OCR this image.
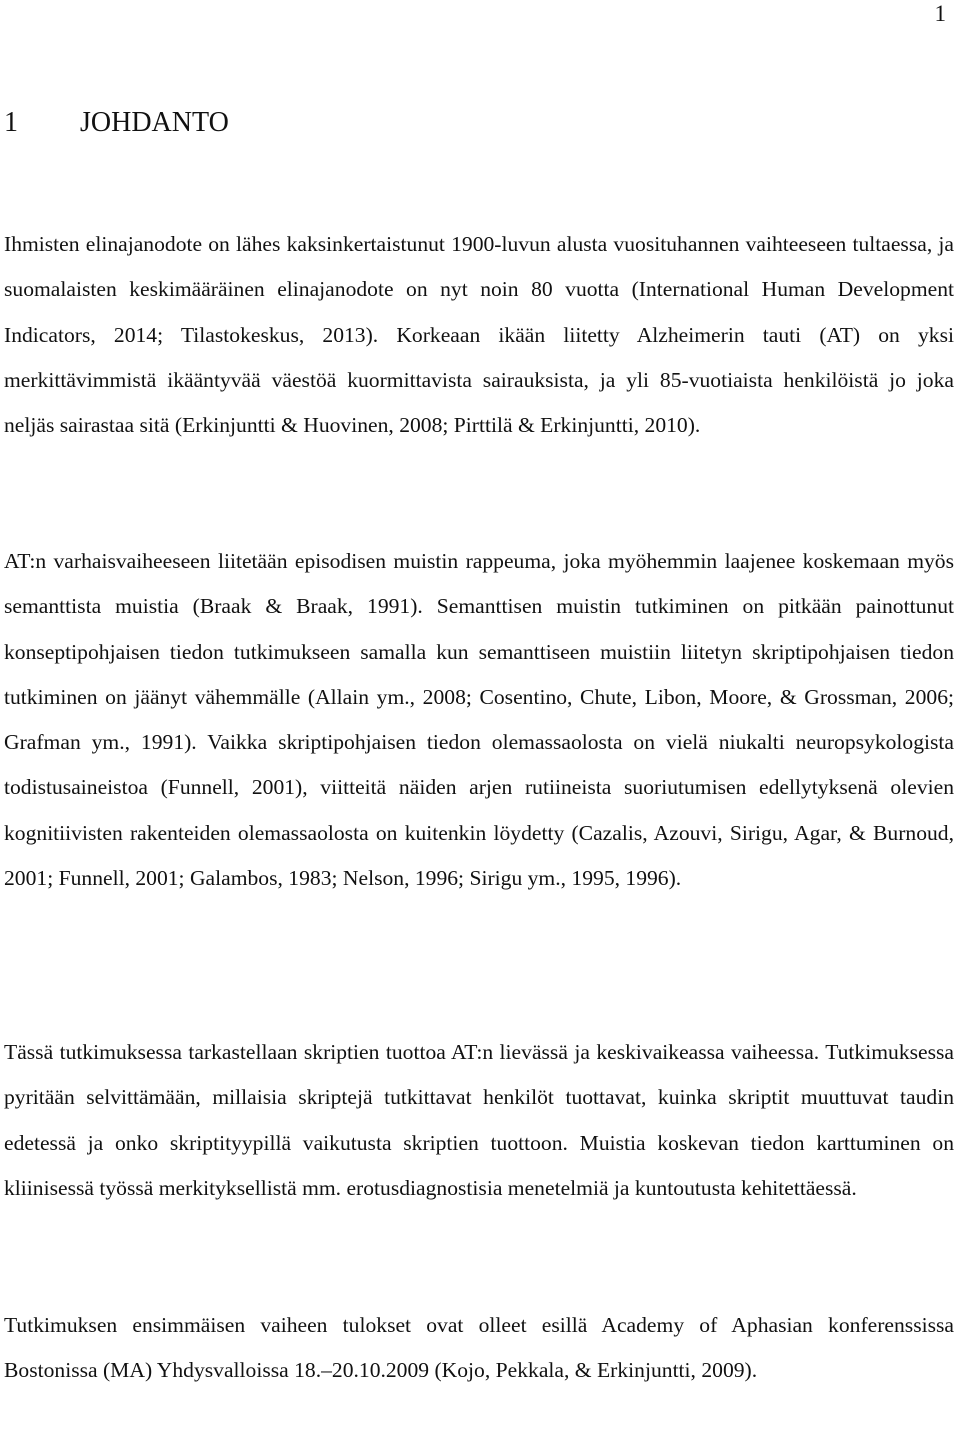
1
1 JOHDANTO

Ihmisten elinajanodote on lähes kaksinkertaistunut 1900-luvun alusta vuosituhannen vaihteeseen tultaessa, ja suomalaisten keskimääräinen elinajanodote on nyt noin 80 vuotta (International Human Development Indicators, 2014; Tilastokeskus, 2013). Korkeaan ikään liitetty Alzheimerin tauti (AT) on yksi merkittävimmistä ikääntyvää väestöä kuormittavista sairauksista, ja yli 85-vuotiaista henkilöistä jo joka neljäs sairastaa sitä (Erkinjuntti & Huovinen, 2008; Pirttilä & Erkinjuntti, 2010).

AT:n varhaisvaiheeseen liitetään episodisen muistin rappeuma, joka myöhemmin laajenee koskemaan myös semanttista muistia (Braak & Braak, 1991). Semanttisen muistin tutkiminen on pitkään painottunut konseptipohjaisen tiedon tutkimukseen samalla kun semanttiseen muistiin liitetyn skriptipohjaisen tiedon tutkiminen on jäänyt vähemmälle (Allain ym., 2008; Cosentino, Chute, Libon, Moore, & Grossman, 2006; Grafman ym., 1991). Vaikka skriptipohjaisen tiedon olemassaolosta on vielä niukalti neuropsykologista todistusaineistoa (Funnell, 2001), viitteitä näiden arjen rutiineista suoriutumisen edellytyksenä olevien kognitiivisten rakenteiden olemassaolosta on kuitenkin löydetty (Cazalis, Azouvi, Sirigu, Agar, & Burnoud, 2001; Funnell, 2001; Galambos, 1983; Nelson, 1996; Sirigu ym., 1995, 1996).

Tässä tutkimuksessa tarkastellaan skriptien tuottoa AT:n lievässä ja keskivaikeassa vaiheessa. Tutkimuksessa pyritään selvittämään, millaisia skriptejä tutkittavat henkilöt tuottavat, kuinka skriptit muuttuvat taudin edetessä ja onko skriptityypillä vaikutusta skriptien tuottoon. Muistia koskevan tiedon karttuminen on kliinisessä työssä merkityksellistä mm. erotusdiagnostisia menetelmiä ja kuntoutusta kehitettäessä.

Tutkimuksen ensimmäisen vaiheen tulokset ovat olleet esillä Academy of Aphasian konferenssissa Bostonissa (MA) Yhdysvalloissa 18.–20.10.2009 (Kojo, Pekkala, & Erkinjuntti, 2009).
